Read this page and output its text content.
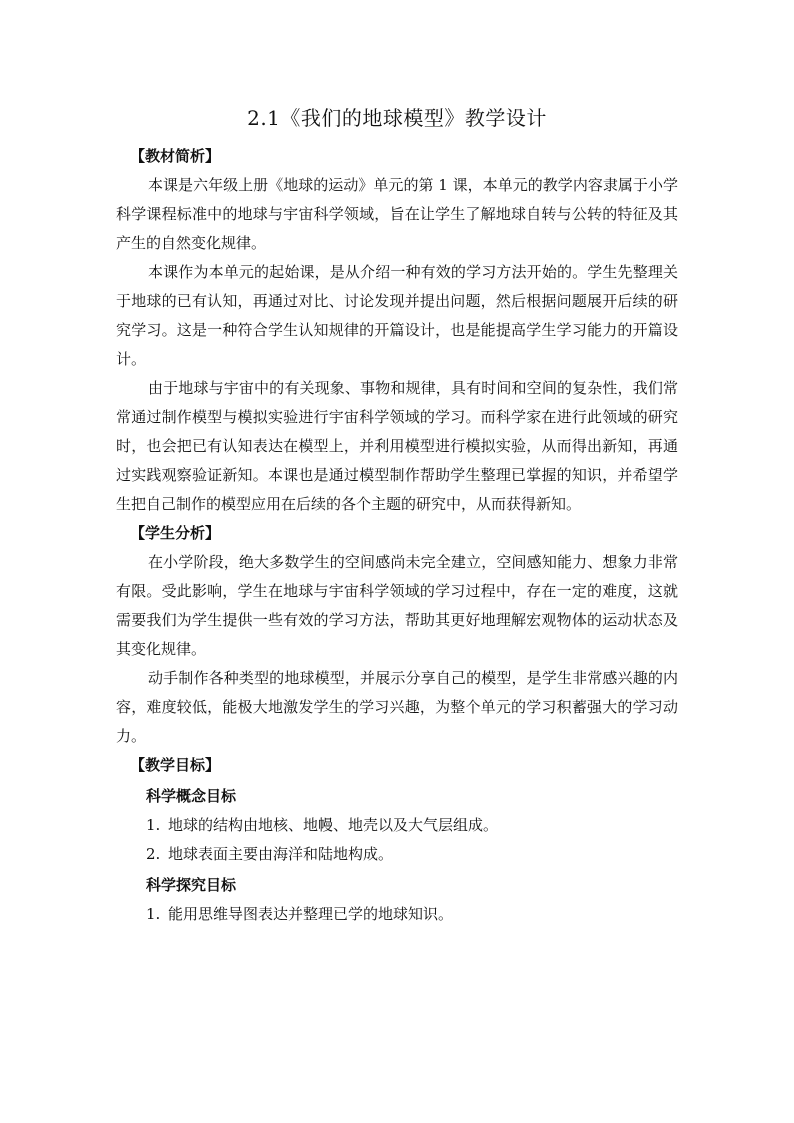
2.1《我们的地球模型》教学设计

【教材简析】

本课是六年级上册《地球的运动》单元的第 1 课，本单元的教学内容隶属于小学科学课程标准中的地球与宇宙科学领域，旨在让学生了解地球自转与公转的特征及其产生的自然变化规律。

本课作为本单元的起始课，是从介绍一种有效的学习方法开始的。学生先整理关于地球的已有认知，再通过对比、讨论发现并提出问题，然后根据问题展开后续的研究学习。这是一种符合学生认知规律的开篇设计，也是能提高学生学习能力的开篇设计。

由于地球与宇宙中的有关现象、事物和规律，具有时间和空间的复杂性，我们常常通过制作模型与模拟实验进行宇宙科学领域的学习。而科学家在进行此领域的研究时，也会把已有认知表达在模型上，并利用模型进行模拟实验，从而得出新知，再通过实践观察验证新知。本课也是通过模型制作帮助学生整理已掌握的知识，并希望学生把自己制作的模型应用在后续的各个主题的研究中，从而获得新知。

【学生分析】

在小学阶段，绝大多数学生的空间感尚未完全建立，空间感知能力、想象力非常有限。受此影响，学生在地球与宇宙科学领域的学习过程中，存在一定的难度，这就需要我们为学生提供一些有效的学习方法，帮助其更好地理解宏观物体的运动状态及其变化规律。

动手制作各种类型的地球模型，并展示分享自己的模型，是学生非常感兴趣的内容，难度较低，能极大地激发学生的学习兴趣，为整个单元的学习积蓄强大的学习动力。

【教学目标】

科学概念目标

1. 地球的结构由地核、地幔、地壳以及大气层组成。

2. 地球表面主要由海洋和陆地构成。

科学探究目标

1. 能用思维导图表达并整理已学的地球知识。
